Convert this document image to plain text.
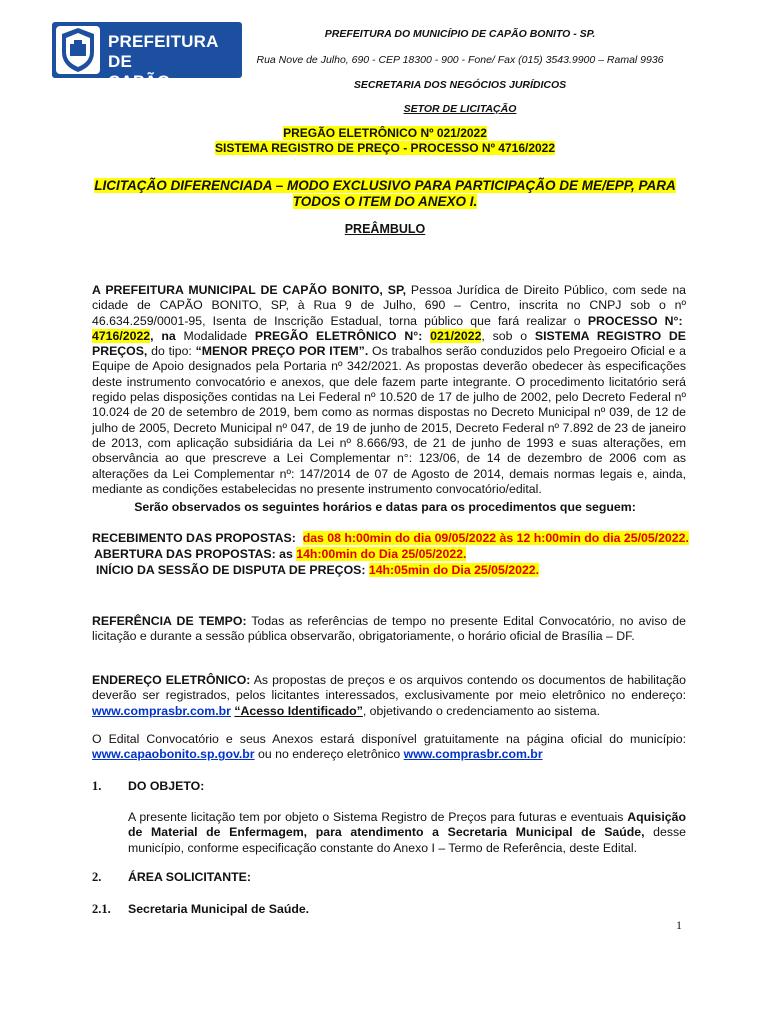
PREFEITURA DE
CAPÃO BONITO
PREFEITURA DO MUNICÍPIO DE CAPÃO BONITO - SP.
Rua Nove de Julho, 690 - CEP 18300 - 900 - Fone/ Fax (015) 3543.9900 – Ramal 9936
SECRETARIA DOS NEGÓCIOS JURÍDICOS
SETOR DE LICITAÇÃO
PREGÃO ELETRÔNICO Nº 021/2022
SISTEMA REGISTRO DE PREÇO - PROCESSO Nº 4716/2022
LICITAÇÃO DIFERENCIADA – MODO EXCLUSIVO PARA PARTICIPAÇÃO DE ME/EPP, PARA
TODOS O ITEM DO ANEXO I.
PREÂMBULO
A PREFEITURA MUNICIPAL DE CAPÃO BONITO, SP, Pessoa Jurídica de Direito Público, com sede na cidade de CAPÃO BONITO, SP, à Rua 9 de Julho, 690 – Centro, inscrita no CNPJ sob o nº 46.634.259/0001-95, Isenta de Inscrição Estadual, torna público que fará realizar o PROCESSO N°:  4716/2022, na Modalidade PREGÃO ELETRÔNICO N°: 021/2022, sob o SISTEMA REGISTRO DE PREÇOS, do tipo: “MENOR PREÇO POR ITEM”. Os trabalhos serão conduzidos pelo Pregoeiro Oficial e a Equipe de Apoio designados pela Portaria nº 342/2021. As propostas deverão obedecer às especificações deste instrumento convocatório e anexos, que dele fazem parte integrante. O procedimento licitatório será regido pelas disposições contidas na Lei Federal nº 10.520 de 17 de julho de 2002, pelo Decreto Federal nº 10.024 de 20 de setembro de 2019, bem como as normas dispostas no Decreto Municipal nº 039, de 12 de julho de 2005, Decreto Municipal nº 047, de 19 de junho de 2015, Decreto Federal nº 7.892 de 23 de janeiro de 2013, com aplicação subsidiária da Lei nº 8.666/93, de 21 de junho de 1993 e suas alterações, em observância ao que prescreve a Lei Complementar n°: 123/06, de 14 de dezembro de 2006 com as alterações da Lei Complementar nº: 147/2014 de 07 de Agosto de 2014, demais normas legais e, ainda, mediante as condições estabelecidas no presente instrumento convocatório/edital.
Serão observados os seguintes horários e datas para os procedimentos que seguem:
RECEBIMENTO DAS PROPOSTAS: das 08 h:00min do dia 09/05/2022 às 12 h:00min do dia 25/05/2022.
ABERTURA DAS PROPOSTAS: as 14h:00min do Dia 25/05/2022.
INÍCIO DA SESSÃO DE DISPUTA DE PREÇOS: 14h:05min do Dia 25/05/2022.
REFERÊNCIA DE TEMPO: Todas as referências de tempo no presente Edital Convocatório, no aviso de licitação e durante a sessão pública observarão, obrigatoriamente, o horário oficial de Brasília – DF.
ENDEREÇO ELETRÔNICO: As propostas de preços e os arquivos contendo os documentos de habilitação deverão ser registrados, pelos licitantes interessados, exclusivamente por meio eletrônico no endereço: www.comprasbr.com.br “Acesso Identificado”, objetivando o credenciamento ao sistema.
O Edital Convocatório e seus Anexos estará disponível gratuitamente na página oficial do município: www.capaobonito.sp.gov.br ou no endereço eletrônico www.comprasbr.com.br
1. DO OBJETO:
A presente licitação tem por objeto o Sistema Registro de Preços para futuras e eventuais Aquisição de Material de Enfermagem, para atendimento a Secretaria Municipal de Saúde, desse município, conforme especificação constante do Anexo I – Termo de Referência, deste Edital.
2. ÁREA SOLICITANTE:
2.1. Secretaria Municipal de Saúde.
1
